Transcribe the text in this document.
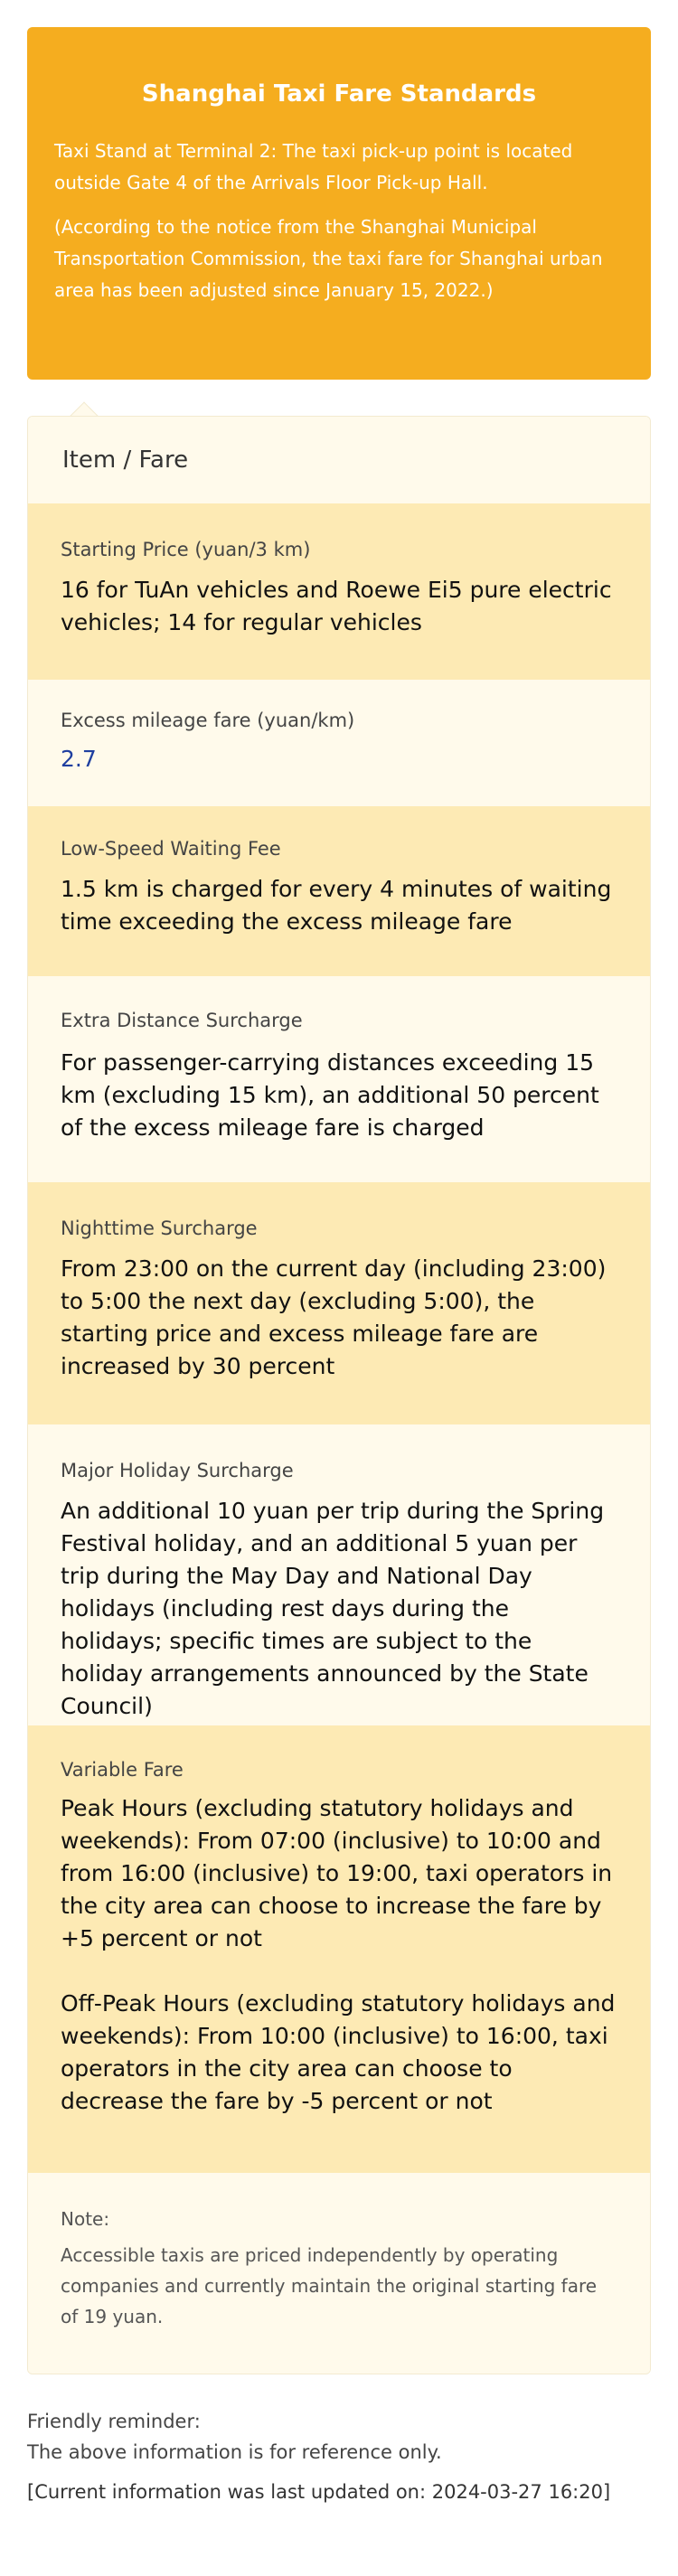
Shanghai Taxi Fare Standards

Taxi Stand at Terminal 2: The taxi pick-up point is located outside Gate 4 of the Arrivals Floor Pick-up Hall.

(According to the notice from the Shanghai Municipal Transportation Commission, the taxi fare for Shanghai urban area has been adjusted since January 15, 2022.)

Item / Fare
Starting Price (yuan/3 km)
16 for TuAn vehicles and Roewe Ei5 pure electric vehicles; 14 for regular vehicles
Excess mileage fare (yuan/km)
2.7
Low-Speed Waiting Fee
1.5 km is charged for every 4 minutes of waiting time exceeding the excess mileage fare
Extra Distance Surcharge
For passenger-carrying distances exceeding 15 km (excluding 15 km), an additional 50 percent of the excess mileage fare is charged
Nighttime Surcharge
From 23:00 on the current day (including 23:00) to 5:00 the next day (excluding 5:00), the starting price and excess mileage fare are increased by 30 percent
Major Holiday Surcharge
An additional 10 yuan per trip during the Spring Festival holiday, and an additional 5 yuan per trip during the May Day and National Day holidays (including rest days during the holidays; specific times are subject to the holiday arrangements announced by the State Council)
Variable Fare
Peak Hours (excluding statutory holidays and weekends): From 07:00 (inclusive) to 10:00 and from 16:00 (inclusive) to 19:00, taxi operators in the city area can choose to increase the fare by +5 percent or not
Off-Peak Hours (excluding statutory holidays and weekends): From 10:00 (inclusive) to 16:00, taxi operators in the city area can choose to decrease the fare by -5 percent or not
Note:
Accessible taxis are priced independently by operating companies and currently maintain the original starting fare of 19 yuan.
Friendly reminder:
The above information is for reference only.
[Current information was last updated on: 2024-03-27 16:20]
